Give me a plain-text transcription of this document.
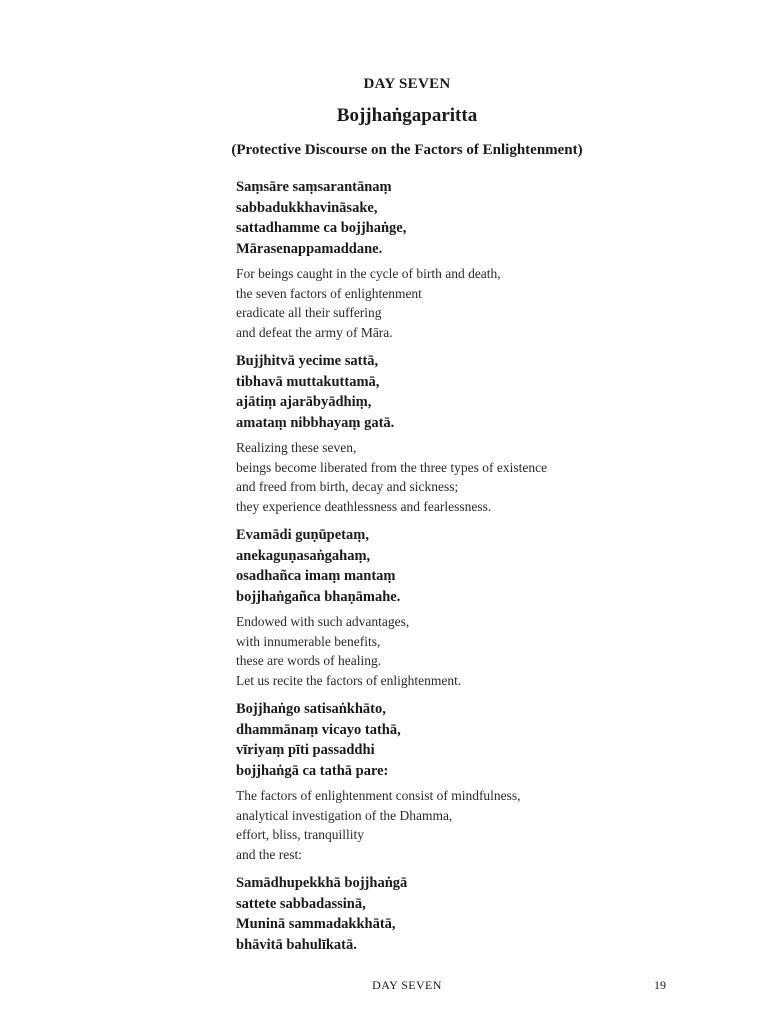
DAY SEVEN
Bojjhaṅgaparitta
(Protective Discourse on the Factors of Enlightenment)
Saṃsāre saṃsarantānaṃ
sabbadukkhavināsake,
sattadhamme ca bojjhaṅge,
Mārasenappamaddane.
For beings caught in the cycle of birth and death,
the seven factors of enlightenment
eradicate all their suffering
and defeat the army of Māra.
Bujjhitvā yecime sattā,
tibhavā muttakuttamā,
ajātiṃ ajarābyādhiṃ,
amataṃ nibbhayaṃ gatā.
Realizing these seven,
beings become liberated from the three types of existence
and freed from birth, decay and sickness;
they experience deathlessness and fearlessness.
Evamādi guṇūpetaṃ,
anekaguṇasaṅgahaṃ,
osadhañca imaṃ mantaṃ
bojjhaṅgañca bhaṇāmahe.
Endowed with such advantages,
with innumerable benefits,
these are words of healing.
Let us recite the factors of enlightenment.
Bojjhaṅgo satisaṅkhāto,
dhammānaṃ vicayo tathā,
vīriyaṃ pīti passaddhi
bojjhaṅgā ca tathā pare:
The factors of enlightenment consist of mindfulness,
analytical investigation of the Dhamma,
effort, bliss, tranquillity
and the rest:
Samādhupekkhā bojjhaṅgā
sattete sabbadassinā,
Muninā sammadakkhātā,
bhāvitā bahulīkatā.
DAY SEVEN	19
